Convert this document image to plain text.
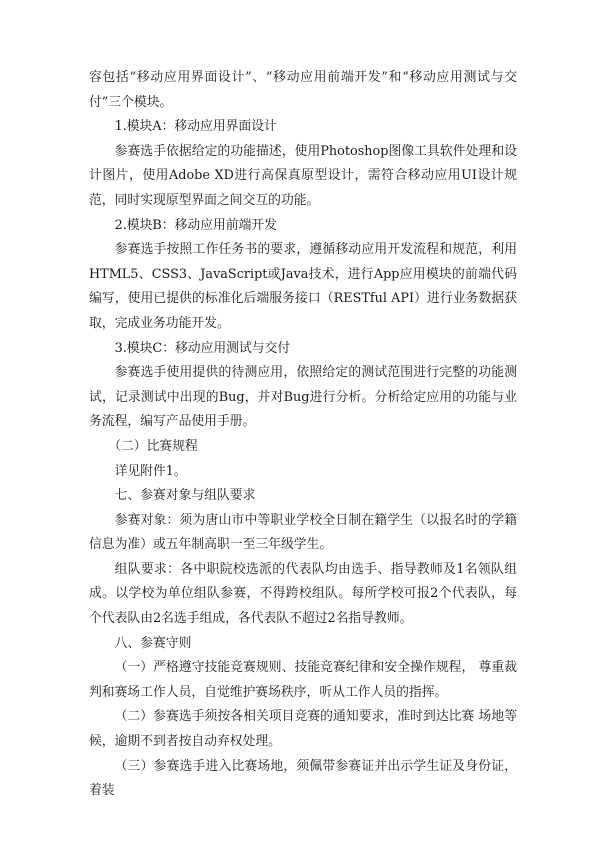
容包括“移动应用界面设计”、“移动应用前端开发”和“移动应用测试与交付”三个模块。

1.模块A：移动应用界面设计

参赛选手依据给定的功能描述，使用Photoshop图像工具软件处理和设计图片，使用Adobe XD进行高保真原型设计，需符合移动应用UI设计规范，同时实现原型界面之间交互的功能。

2.模块B：移动应用前端开发

参赛选手按照工作任务书的要求，遵循移动应用开发流程和规范，利用HTML5、CSS3、JavaScript或Java技术，进行App应用模块的前端代码编写，使用已提供的标准化后端服务接口（RESTful API）进行业务数据获取，完成业务功能开发。

3.模块C：移动应用测试与交付

参赛选手使用提供的待测应用，依照给定的测试范围进行完整的功能测试，记录测试中出现的Bug，并对Bug进行分析。分析给定应用的功能与业务流程，编写产品使用手册。

（二）比赛规程

详见附件1。

七、参赛对象与组队要求

参赛对象：须为唐山市中等职业学校全日制在籍学生（以报名时的学籍信息为准）或五年制高职一至三年级学生。

组队要求：各中职院校选派的代表队均由选手、指导教师及1名领队组成。以学校为单位组队参赛，不得跨校组队。每所学校可报2个代表队，每个代表队由2名选手组成，各代表队不超过2名指导教师。

八、参赛守则

（一）严格遵守技能竞赛规则、技能竞赛纪律和安全操作规程， 尊重裁判和赛场工作人员，自觉维护赛场秩序，听从工作人员的指挥。

（二）参赛选手须按各相关项目竞赛的通知要求，准时到达比赛 场地等候，逾期不到者按自动弃权处理。

（三）参赛选手进入比赛场地，须佩带参赛证并出示学生证及身份证，着装
